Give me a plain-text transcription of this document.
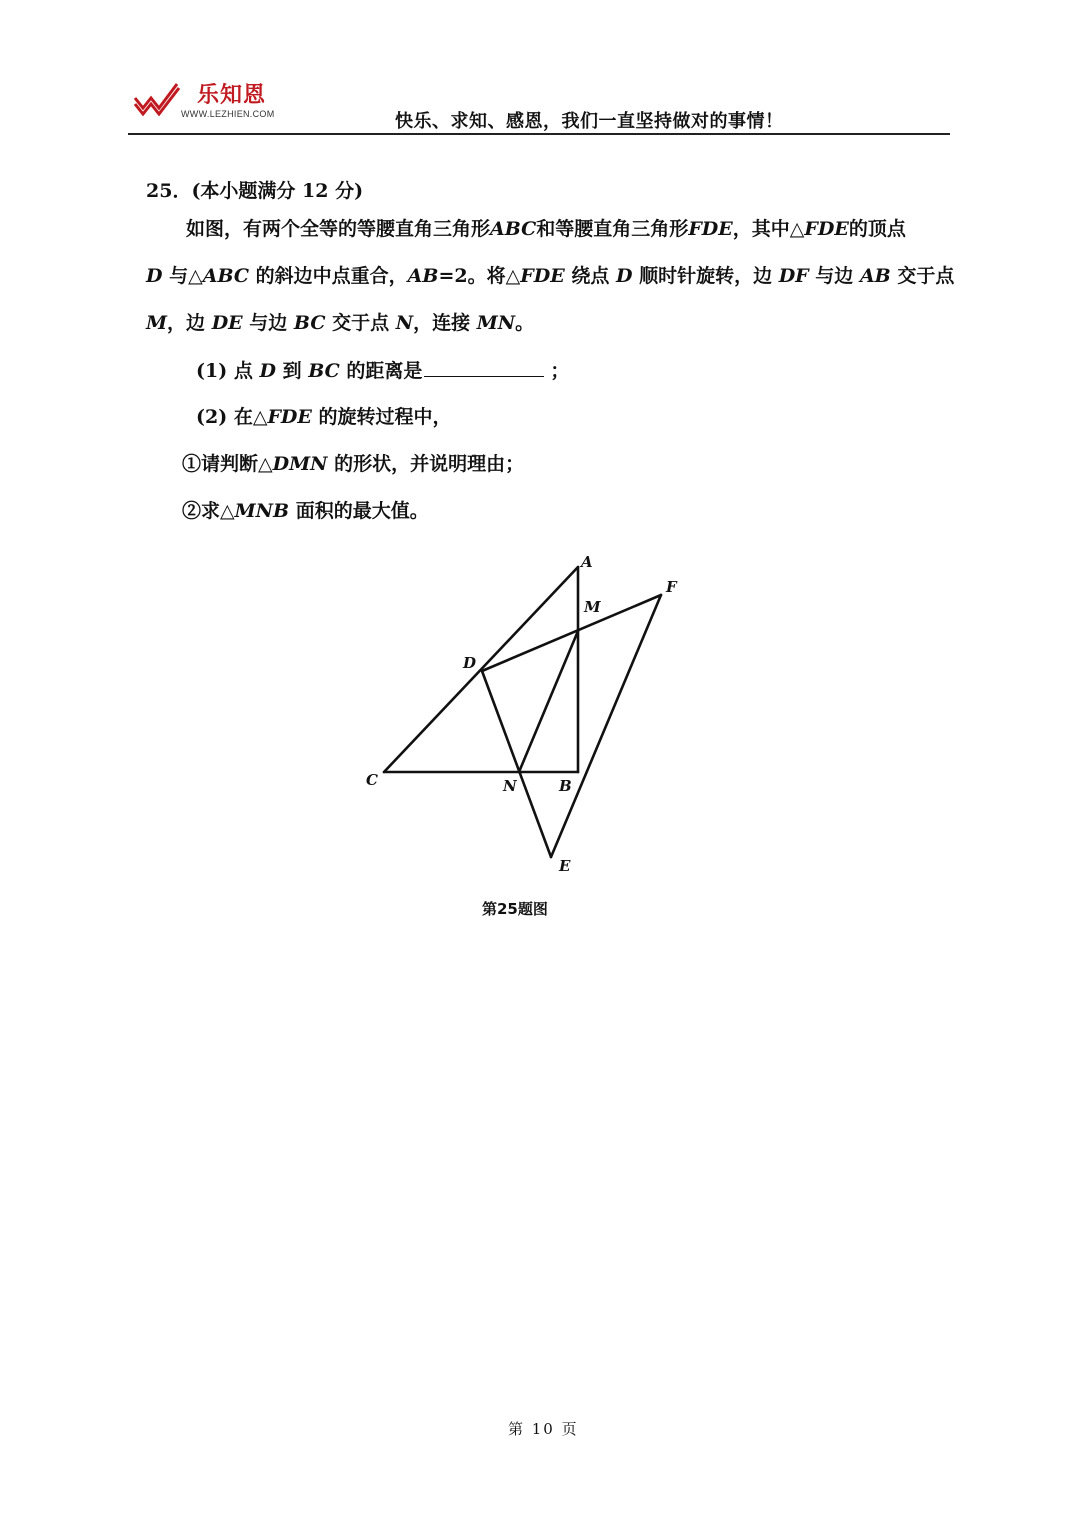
乐知恩
WWW.LEZHIEN.COM	快乐、求知、感恩，我们一直坚持做对的事情！
25．(本小题满分 12 分)
如图，有两个全等的等腰直角三角形ABC和等腰直角三角形FDE，其中△FDE的顶点
D 与△ABC 的斜边中点重合，AB=2。将△FDE 绕点 D 顺时针旋转，边 DF 与边 AB 交于点
M，边 DE 与边 BC 交于点 N，连接 MN。
(1) 点 D 到 BC 的距离是	；
(2) 在△FDE 的旋转过程中，
①请判断△DMN 的形状，并说明理由；
②求△MNB 面积的最大值。
A
M
F
D
C	N	B
E
第25题图
第 10 页
